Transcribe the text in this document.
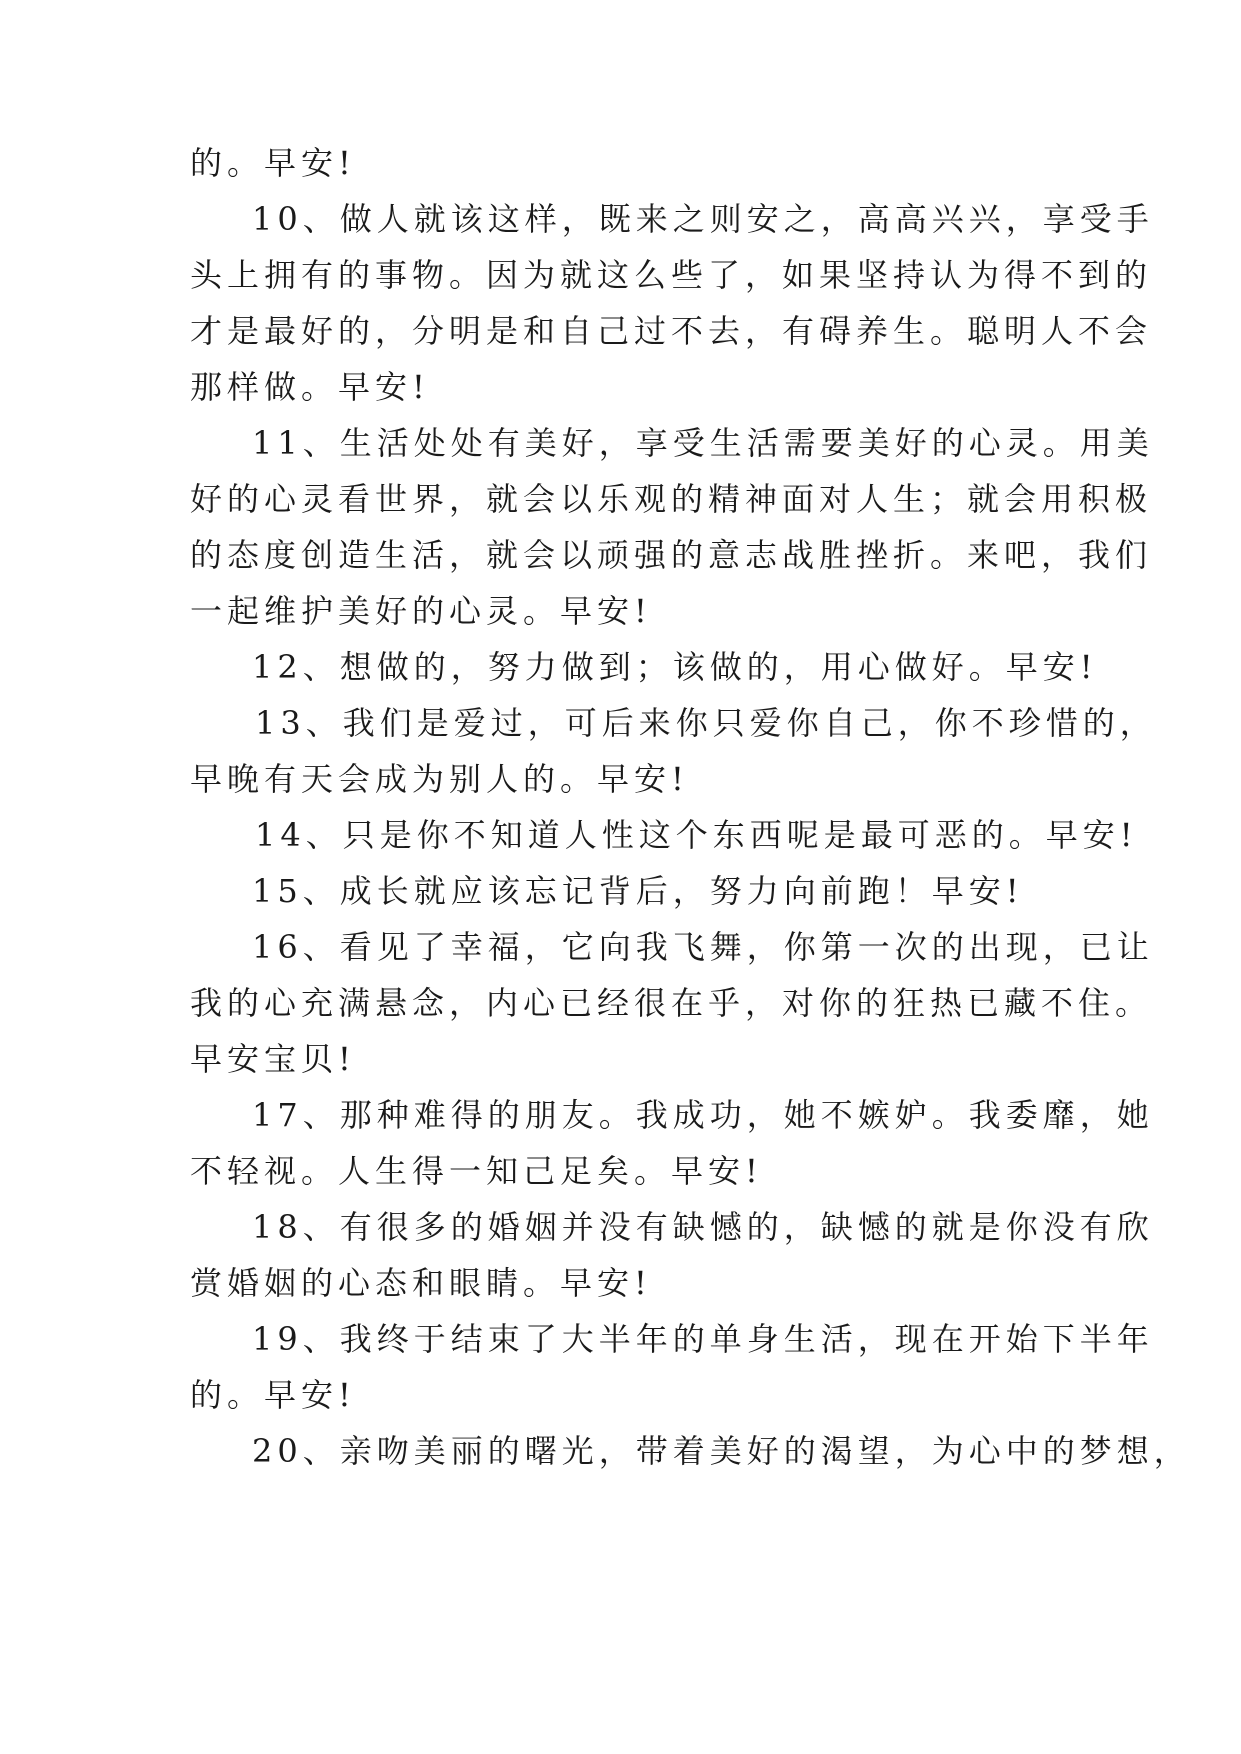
的。早安!
10、做人就该这样，既来之则安之，高高兴兴，享受手
头上拥有的事物。因为就这么些了，如果坚持认为得不到的
才是最好的，分明是和自己过不去，有碍养生。聪明人不会
那样做。早安!
11、生活处处有美好，享受生活需要美好的心灵。用美
好的心灵看世界，就会以乐观的精神面对人生；就会用积极
的态度创造生活，就会以顽强的意志战胜挫折。来吧，我们
一起维护美好的心灵。早安!
12、想做的，努力做到；该做的，用心做好。早安!
13、我们是爱过，可后来你只爱你自己，你不珍惜的，
早晚有天会成为别人的。早安!
14、只是你不知道人性这个东西呢是最可恶的。早安!
15、成长就应该忘记背后，努力向前跑！早安!
16、看见了幸福，它向我飞舞，你第一次的出现，已让
我的心充满悬念，内心已经很在乎，对你的狂热已藏不住。
早安宝贝!
17、那种难得的朋友。我成功，她不嫉妒。我委靡，她
不轻视。人生得一知己足矣。早安!
18、有很多的婚姻并没有缺憾的，缺憾的就是你没有欣
赏婚姻的心态和眼睛。早安!
19、我终于结束了大半年的单身生活，现在开始下半年
的。早安!
20、亲吻美丽的曙光，带着美好的渴望，为心中的梦想，
